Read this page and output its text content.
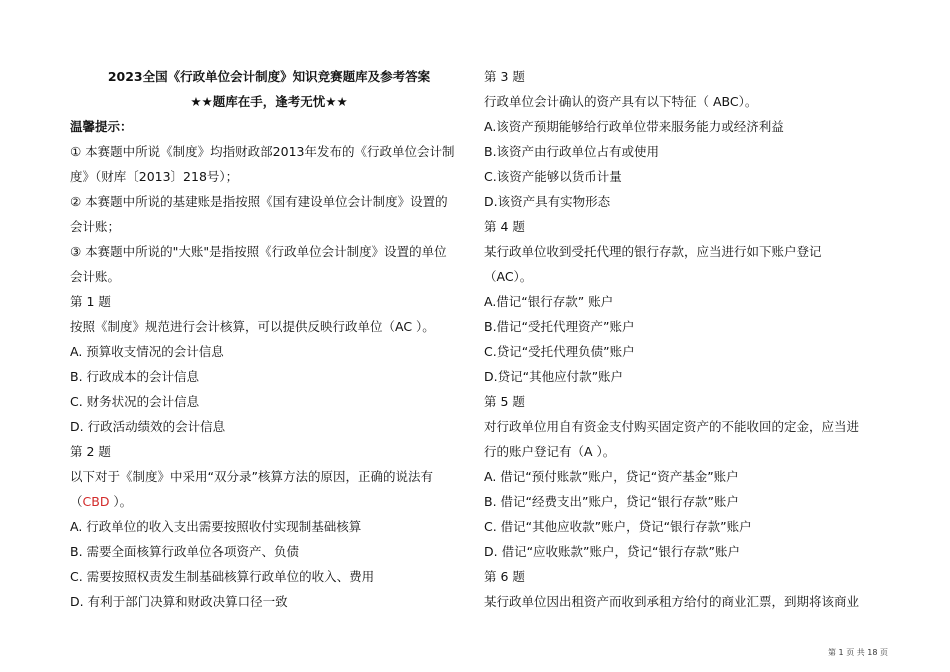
2023全国《行政单位会计制度》知识竞赛题库及参考答案
★★题库在手，逢考无忧★★
温馨提示：
① 本赛题中所说《制度》均指财政部2013年发布的《行政单位会计制
度》（财库〔2013〕218号）；
② 本赛题中所说的基建账是指按照《国有建设单位会计制度》设置的
会计账；
③ 本赛题中所说的"大账"是指按照《行政单位会计制度》设置的单位
会计账。
第 1 题
按照《制度》规范进行会计核算，可以提供反映行政单位（AC ）。
A. 预算收支情况的会计信息
B. 行政成本的会计信息
C. 财务状况的会计信息
D. 行政活动绩效的会计信息
第 2 题
以下对于《制度》中采用“双分录”核算方法的原因，正确的说法有
（CBD ）。
A. 行政单位的收入支出需要按照收付实现制基础核算
B. 需要全面核算行政单位各项资产、负债
C. 需要按照权责发生制基础核算行政单位的收入、费用
D. 有利于部门决算和财政决算口径一致
第 3 题
行政单位会计确认的资产具有以下特征（ ABC）。
A.该资产预期能够给行政单位带来服务能力或经济利益
B.该资产由行政单位占有或使用
C.该资产能够以货币计量
D.该资产具有实物形态
第 4 题
某行政单位收到受托代理的银行存款，应当进行如下账户登记
（AC）。
A.借记“银行存款” 账户
B.借记“受托代理资产”账户
C.贷记“受托代理负债”账户
D.贷记“其他应付款”账户
第 5 题
对行政单位用自有资金支付购买固定资产的不能收回的定金，应当进
行的账户登记有（A ）。
A. 借记“预付账款”账户，贷记“资产基金”账户
B. 借记“经费支出”账户，贷记“银行存款”账户
C. 借记“其他应收款”账户，贷记“银行存款”账户
D. 借记“应收账款”账户，贷记“银行存款”账户
第 6 题
某行政单位因出租资产而收到承租方给付的商业汇票，到期将该商业
第 1 页 共 18 页
